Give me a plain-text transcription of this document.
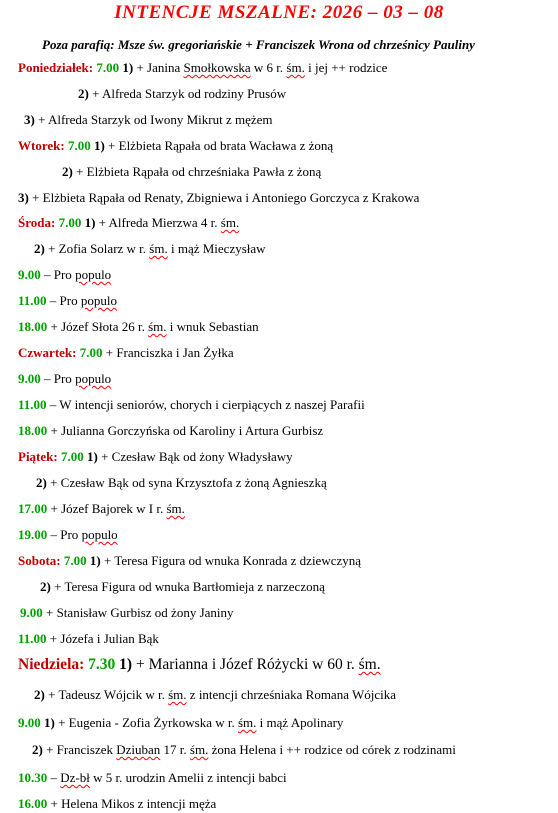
INTENCJE MSZALNE: 2026 – 03 – 08
Poza parafią: Msze św. gregoriańskie + Franciszek Wrona od chrześnicy Pauliny
Poniedziałek: 7.00 1) + Janina Smołkowska w 6 r. śm. i jej ++ rodzice
2) + Alfreda Starzyk od rodziny Prusów
3) + Alfreda Starzyk od Iwony Mikrut z mężem
Wtorek: 7.00 1) + Elżbieta Rąpała od brata Wacława z żoną
2) + Elżbieta Rąpała od chrześniaka Pawła z żoną
3) + Elżbieta Rąpała od Renaty, Zbigniewa i Antoniego Gorczyca z Krakowa
Środa: 7.00 1) + Alfreda Mierzwa 4 r. śm.
2) + Zofia Solarz w r. śm. i mąż Mieczysław
9.00 – Pro populo
11.00 – Pro populo
18.00 + Józef Słota 26 r. śm. i wnuk Sebastian
Czwartek: 7.00 + Franciszka i Jan Żyłka
9.00 – Pro populo
11.00 – W intencji seniorów, chorych i cierpiących z naszej Parafii
18.00 + Julianna Gorczyńska od Karoliny i Artura Gurbisz
Piątek: 7.00 1) + Czesław Bąk od żony Władysławy
2) + Czesław Bąk od syna Krzysztofa z żoną Agnieszką
17.00 + Józef Bajorek w I r. śm.
19.00 – Pro populo
Sobota: 7.00 1) + Teresa Figura od wnuka Konrada z dziewczyną
2) + Teresa Figura od wnuka Bartłomieja z narzeczoną
9.00 + Stanisław Gurbisz od żony Janiny
11.00 + Józefa i Julian Bąk
Niedziela: 7.30 1) + Marianna i Józef Różycki w 60 r. śm.
2) + Tadeusz Wójcik w r. śm. z intencji chrześniaka Romana Wójcika
9.00 1) + Eugenia - Zofia Żyrkowska w r. śm. i mąż Apolinary
2) + Franciszek Dziuban 17 r. śm. żona Helena i ++ rodzice od córek z rodzinami
10.30 – Dz-bł w 5 r. urodzin Amelii z intencji babci
16.00 + Helena Mikos z intencji męża
